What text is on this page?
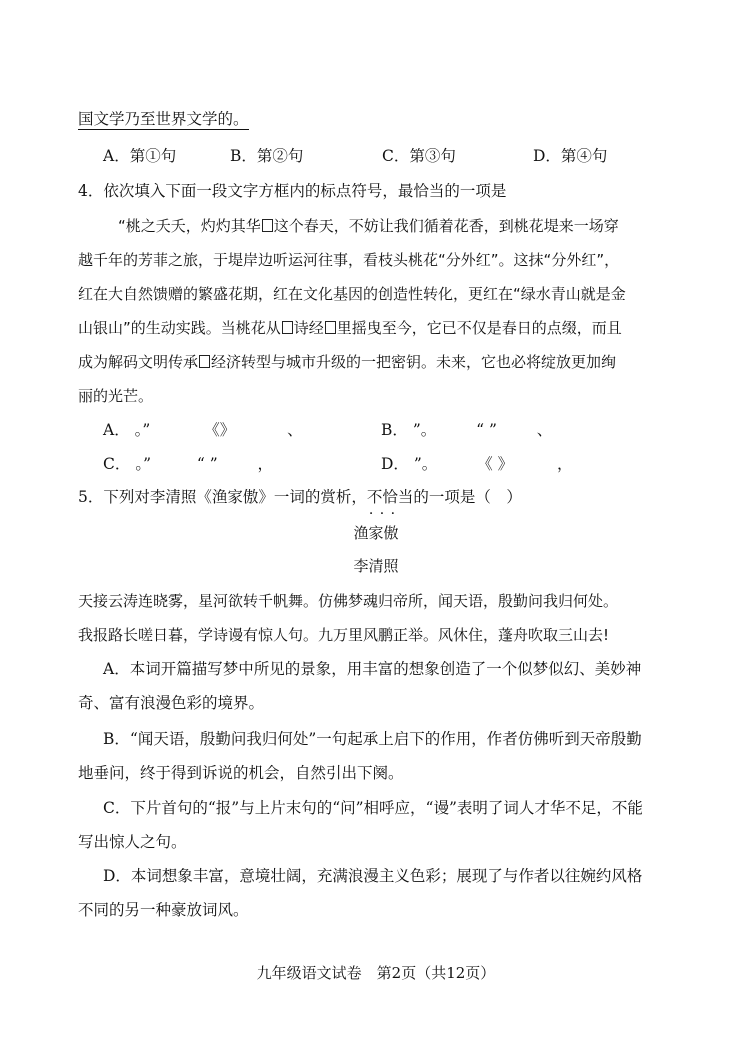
国文学乃至世界文学的。
A．第①句	B．第②句	C．第③句	D．第④句
4．依次填入下面一段文字方框内的标点符号，最恰当的一项是
“桃之夭夭，灼灼其华 这个春天，不妨让我们循着花香，到桃花堤来一场穿
越千年的芳菲之旅，于堤岸边听运河往事，看枝头桃花“分外红”。这抹“分外红”，
红在大自然馈赠的繁盛花期，红在文化基因的创造性转化，更红在“绿水青山就是金
山银山”的生动实践。当桃花从 诗经 里摇曳至今，它已不仅是春日的点缀，而且
成为解码文明传承 经济转型与城市升级的一把密钥。未来，它也必将绽放更加绚
丽的光芒。
A． 。”	《》	、	B． ”。	“ ”	、
C． 。”	“ ”	，	D． ”。	《 》	，
5．下列对李清照《渔家傲》一词的赏析，不恰当 · · ·的一项是（　）
渔家傲
李清照
天接云涛连晓雾，星河欲转千帆舞。仿佛梦魂归帝所，闻天语，殷勤问我归何处。
我报路长嗟日暮，学诗谩有惊人句。九万里风鹏正举。风休住，蓬舟吹取三山去!
A．本词开篇描写梦中所见的景象，用丰富的想象创造了一个似梦似幻、美妙神
奇、富有浪漫色彩的境界。
B．“闻天语，殷勤问我归何处”一句起承上启下的作用，作者仿佛听到天帝殷勤
地垂问，终于得到诉说的机会，自然引出下阕。
C．下片首句的“报”与上片末句的“问”相呼应，“谩”表明了词人才华不足，不能
写出惊人之句。
D．本词想象丰富，意境壮阔，充满浪漫主义色彩；展现了与作者以往婉约风格
不同的另一种豪放词风。
九年级语文试卷　第2页（共12页）
